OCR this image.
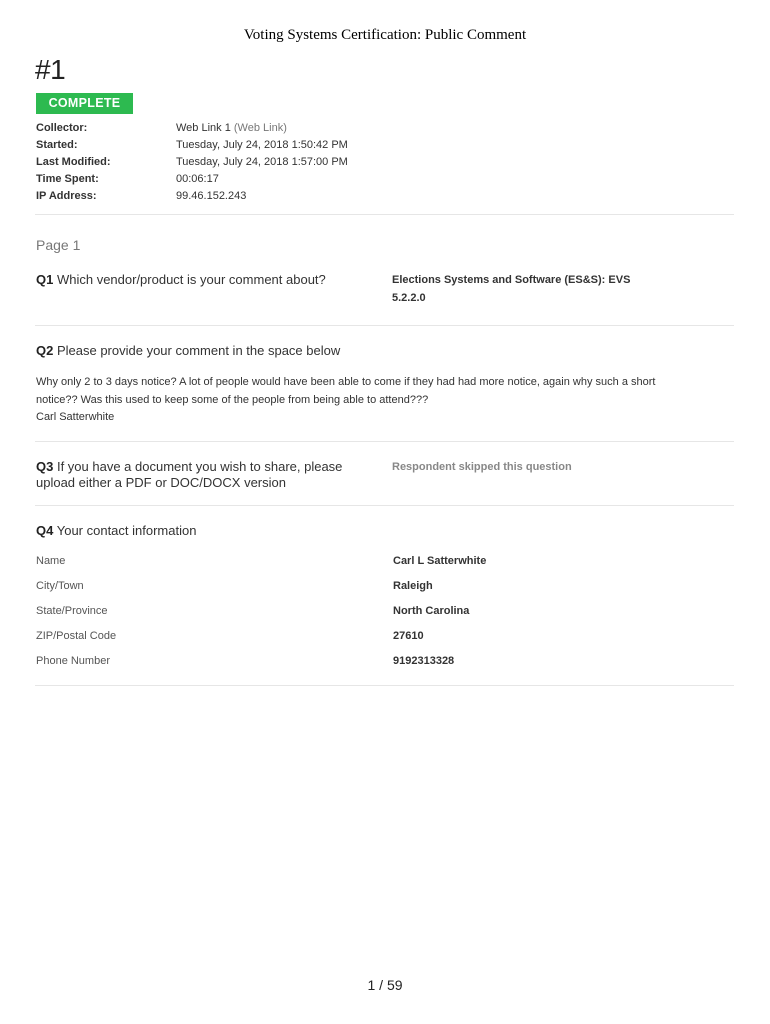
Voting Systems Certification: Public Comment
#1
COMPLETE
Collector:	Web Link 1 (Web Link)
Started:	Tuesday, July 24, 2018 1:50:42 PM
Last Modified:	Tuesday, July 24, 2018 1:57:00 PM
Time Spent:	00:06:17
IP Address:	99.46.152.243
Page 1
Q1 Which vendor/product is your comment about?	Elections Systems and Software (ES&S): EVS
5.2.2.0
Q2 Please provide your comment in the space below
Why only 2 to 3 days notice? A lot of people would have been able to come if they had had more notice, again why such a short
notice?? Was this used to keep some of the people from being able to attend???
Carl Satterwhite
Q3 If you have a document you wish to share, please
upload either a PDF or DOC/DOCX version
Respondent skipped this question
Q4 Your contact information
Name	Carl L Satterwhite
City/Town	Raleigh
State/Province	North Carolina
ZIP/Postal Code	27610
Phone Number	9192313328
1 / 59
